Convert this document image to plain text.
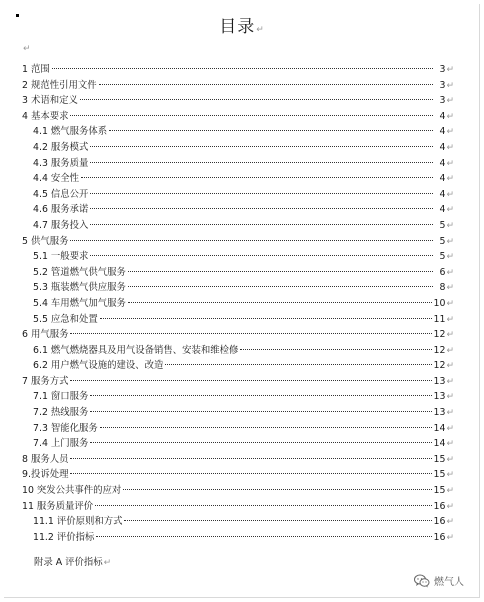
目录↵
↵
1 范围	3 ↵
2 规范性引用文件	3 ↵
3 术语和定义	3 ↵
4 基本要求	4 ↵
4.1 燃气服务体系	4 ↵
4.2 服务模式	4 ↵
4.3 服务质量	4 ↵
4.4 安全性	4 ↵
4.5 信息公开	4 ↵
4.6 服务承诺	4 ↵
4.7 服务投入	5 ↵
5 供气服务	5 ↵
5.1 一般要求	5 ↵
5.2 管道燃气供气服务	6 ↵
5.3 瓶装燃气供应服务	8 ↵
5.4 车用燃气加气服务	10 ↵
5.5 应急和处置	11 ↵
6 用气服务	12 ↵
6.1 燃气燃烧器具及用气设备销售、安装和维检修	12 ↵
6.2 用户燃气设施的建设、改造	12 ↵
7 服务方式	13 ↵
7.1 窗口服务	13 ↵
7.2 热线服务	13 ↵
7.3 智能化服务	14 ↵
7.4 上门服务	14 ↵
8 服务人员	15 ↵
9.投诉处理	15 ↵
10 突发公共事件的应对	15 ↵
11 服务质量评价	16 ↵
11.1 评价原则和方式	16 ↵
11.2 评价指标	16 ↵
附录 A 评价指标↵
燃气人
